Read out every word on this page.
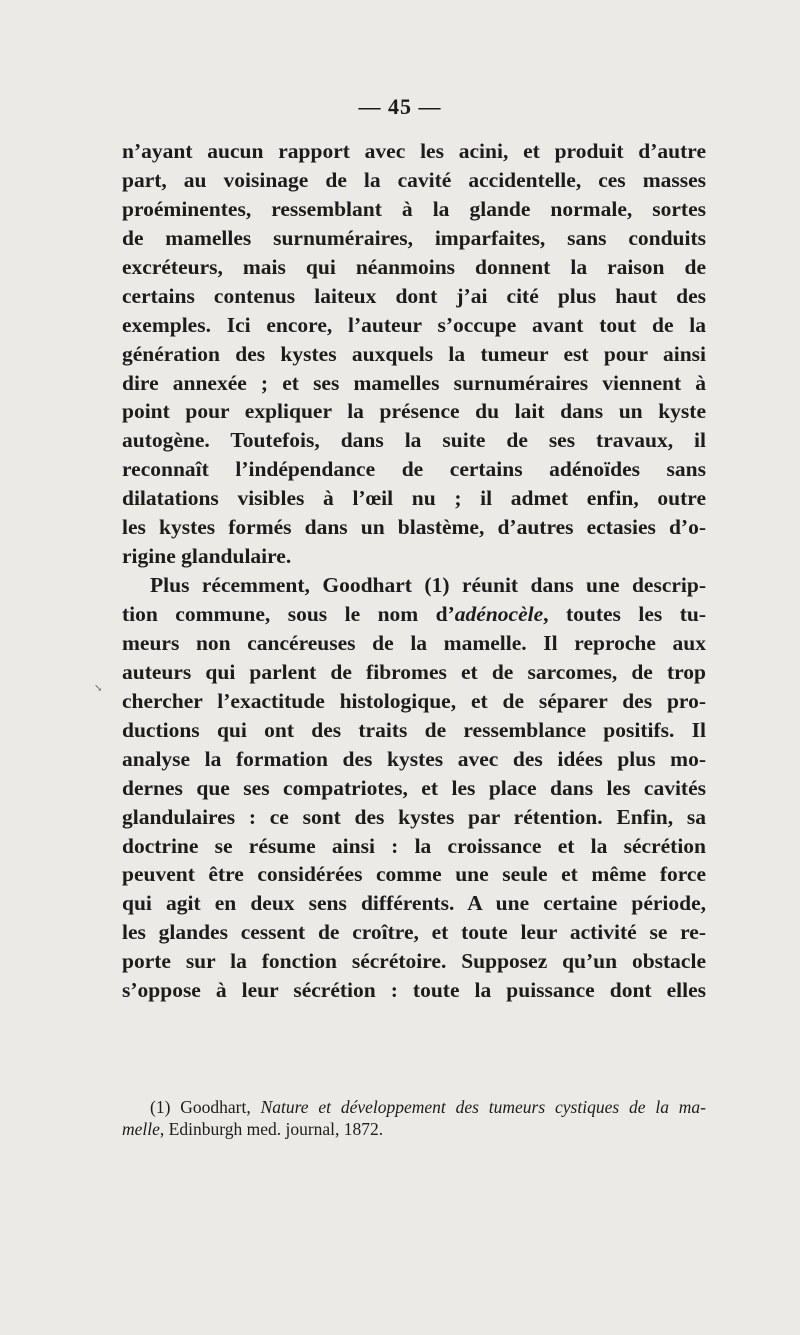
— 45 —
n’ayant aucun rapport avec les acini, et produit d’autre
part, au voisinage de la cavité accidentelle, ces masses
proéminentes, ressemblant à la glande normale, sortes
de mamelles surnuméraires, imparfaites, sans conduits
excréteurs, mais qui néanmoins donnent la raison de
certains contenus laiteux dont j’ai cité plus haut des
exemples. Ici encore, l’auteur s’occupe avant tout de la
génération des kystes auxquels la tumeur est pour ainsi
dire annexée ; et ses mamelles surnuméraires viennent à
point pour expliquer la présence du lait dans un kyste
autogène. Toutefois, dans la suite de ses travaux, il
reconnaît l’indépendance de certains adénoïdes sans
dilatations visibles à l’œil nu ; il admet enfin, outre
les kystes formés dans un blastème, d’autres ectasies d’o-
rigine glandulaire.
Plus récemment, Goodhart (1) réunit dans une descrip-
tion commune, sous le nom d’adénocèle, toutes les tu-
meurs non cancéreuses de la mamelle. Il reproche aux
auteurs qui parlent de fibromes et de sarcomes, de trop
chercher l’exactitude histologique, et de séparer des pro-
ductions qui ont des traits de ressemblance positifs. Il
analyse la formation des kystes avec des idées plus mo-
dernes que ses compatriotes, et les place dans les cavités
glandulaires : ce sont des kystes par rétention. Enfin, sa
doctrine se résume ainsi : la croissance et la sécrétion
peuvent être considérées comme une seule et même force
qui agit en deux sens différents. A une certaine période,
les glandes cessent de croître, et toute leur activité se re-
porte sur la fonction sécrétoire. Supposez qu’un obstacle
s’oppose à leur sécrétion : toute la puissance dont elles
(1) Goodhart, Nature et développement des tumeurs cystiques de la ma-
melle, Edinburgh med. journal, 1872.
↘
